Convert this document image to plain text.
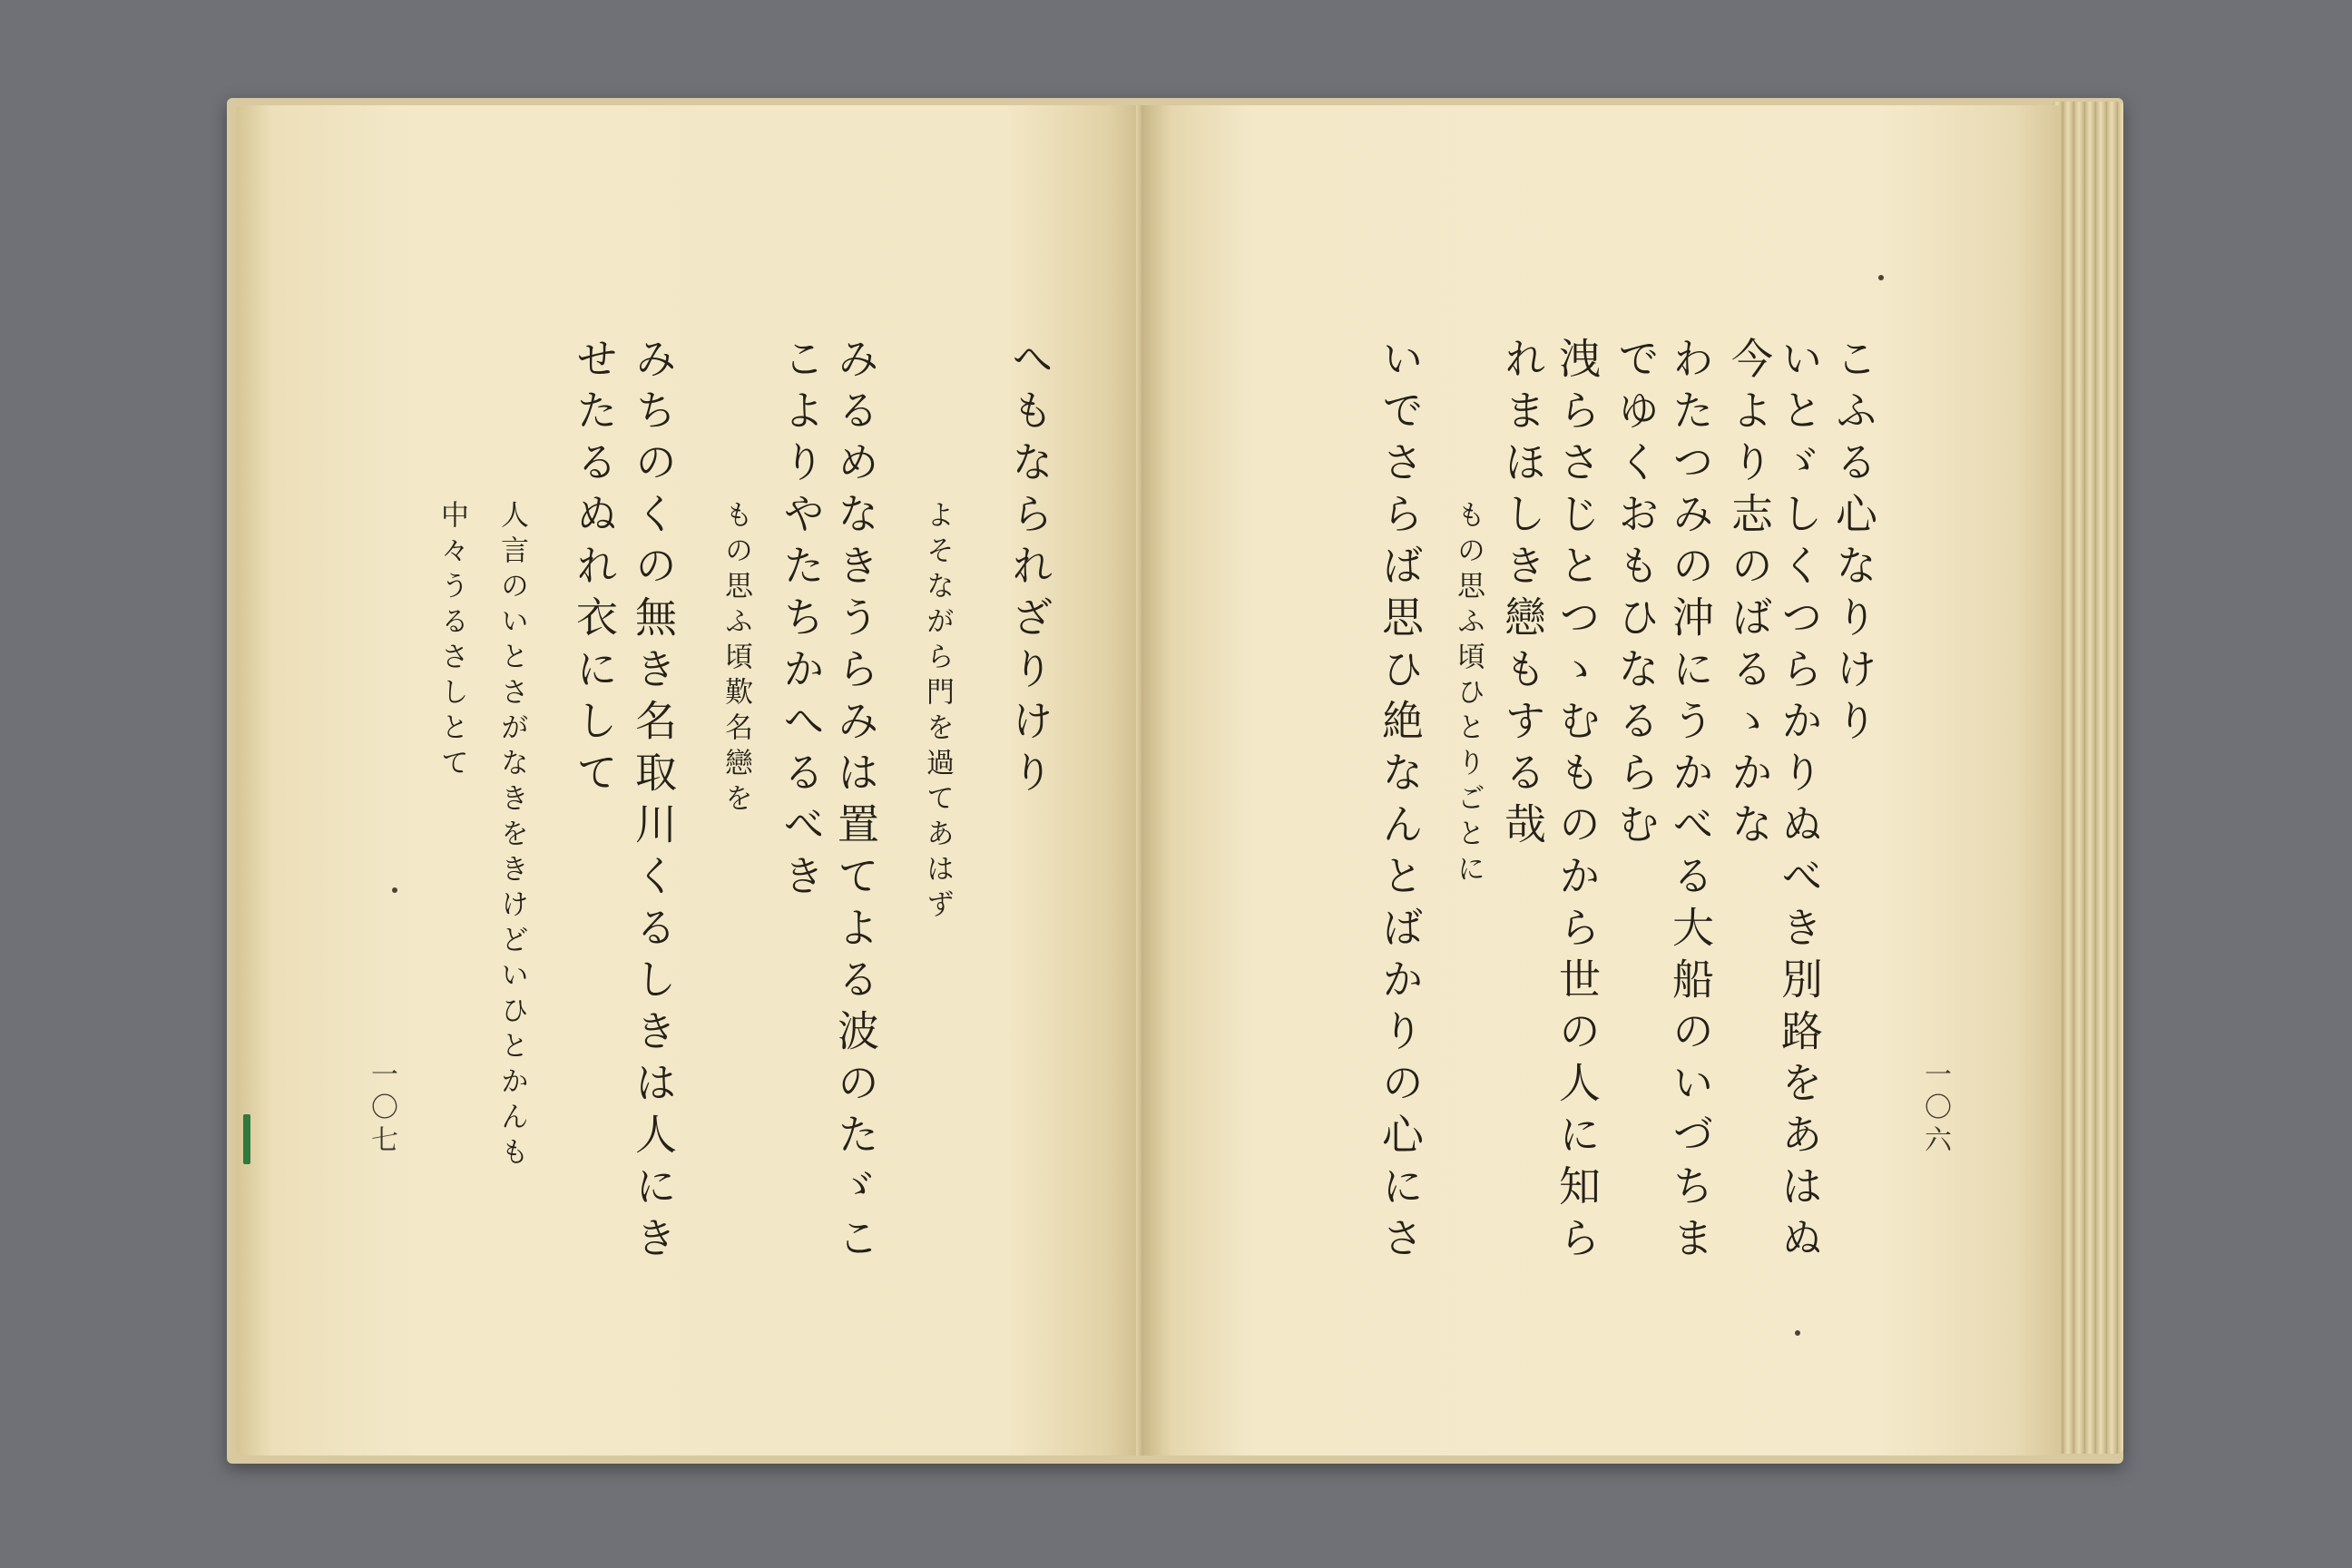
へもなられざりけり
よそながら門を過てあはず
みるめなきうらみは置てよる波のたゞこ
こよりやたちかへるべき
もの思ふ頃歎名戀を
みちのくの無き名取川くるしきは人にき
せたるぬれ衣にして
人言のいとさがなきをきけどいひとかんも
中々うるさしとて
一〇七
こふる心なりけり
いとゞしくつらかりぬべき別路をあはぬ
今より志のばるゝかな
わたつみの沖にうかべる大船のいづちま
でゆくおもひなるらむ
洩らさじとつゝむものから世の人に知ら
れまほしき戀もする哉
もの思ふ頃ひとりごとに
いでさらば思ひ絶なんとばかりの心にさ	一〇六
